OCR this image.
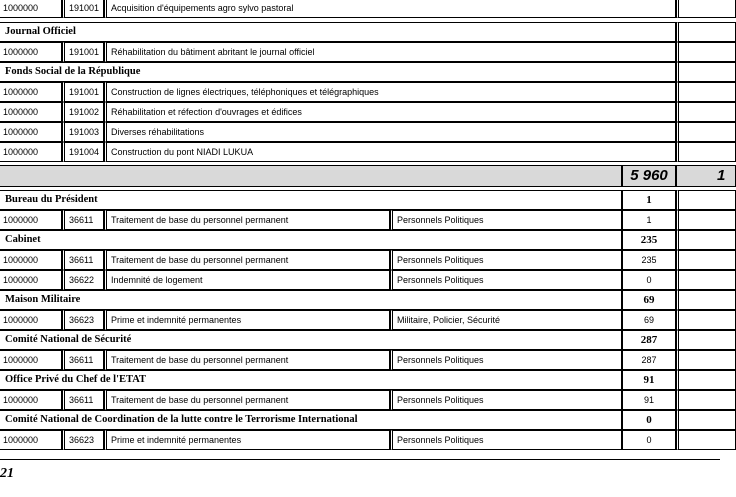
1000000	191001	Acquisition d'équipements agro sylvo pastoral
Journal Officiel
1000000	191001	Réhabilitation du bâtiment abritant le journal officiel
Fonds Social de la République
1000000	191001	Construction de lignes électriques, téléphoniques et télégraphiques
1000000	191002	Réhabilitation et réfection d'ouvrages et édifices
1000000	191003	Diverses réhabilitations
1000000	191004	Construction du pont NIADI LUKUA
5 960	1
Bureau du Président	1
1000000	36611	Traitement de base du personnel permanent	Personnels Politiques	1
Cabinet	235
1000000	36611	Traitement de base du personnel permanent	Personnels Politiques	235
1000000	36622	Indemnité de logement	Personnels Politiques	0
Maison Militaire	69
1000000	36623	Prime et indemnité permanentes	Militaire, Policier, Sécurité	69
Comité National de Sécurité	287
1000000	36611	Traitement de base du personnel permanent	Personnels Politiques	287
Office Privé du Chef de l'ETAT	91
1000000	36611	Traitement de base du personnel permanent	Personnels Politiques	91
Comité National de Coordination de la lutte contre le Terrorisme International	0
1000000	36623	Prime et indemnité permanentes	Personnels Politiques	0
21
